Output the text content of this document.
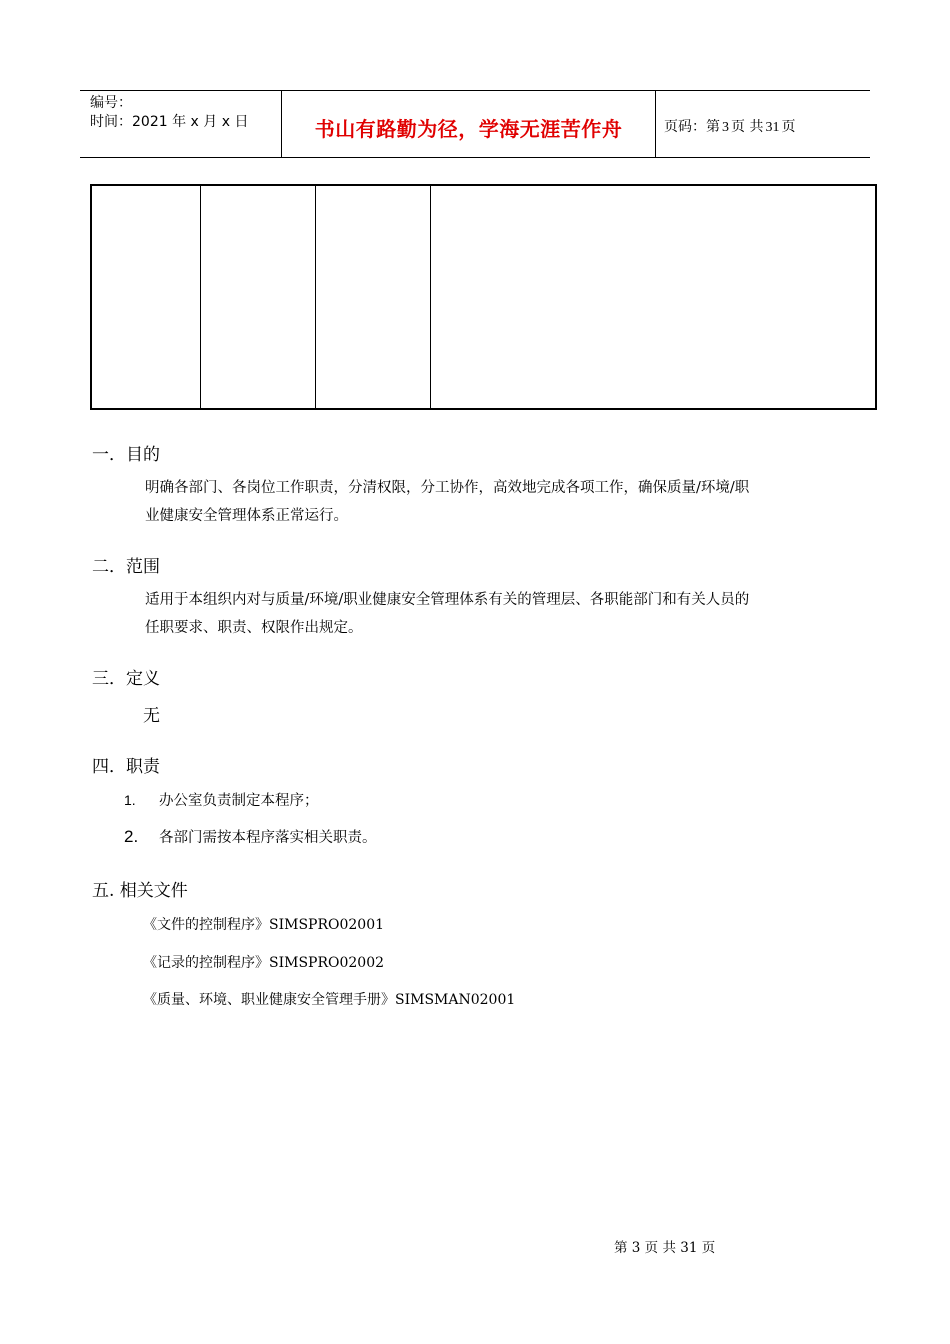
编号：
时间：2021 年 x 月 x 日	书山有路勤为径，学海无涯苦作舟	页码：第 3 页 共 31 页
一．目的
明确各部门、各岗位工作职责，分清权限，分工协作，高效地完成各项工作，确保质量/环境/职
业健康安全管理体系正常运行。
二．范围
适用于本组织内对与质量/环境/职业健康安全管理体系有关的管理层、各职能部门和有关人员的
任职要求、职责、权限作出规定。
三．定义
无
四．职责
1. 办公室负责制定本程序；
2. 各部门需按本程序落实相关职责。
五. 相关文件
《文件的控制程序》SIMSPRO02001
《记录的控制程序》SIMSPRO02002
《质量、环境、职业健康安全管理手册》SIMSMAN02001
第 3 页 共 31 页
